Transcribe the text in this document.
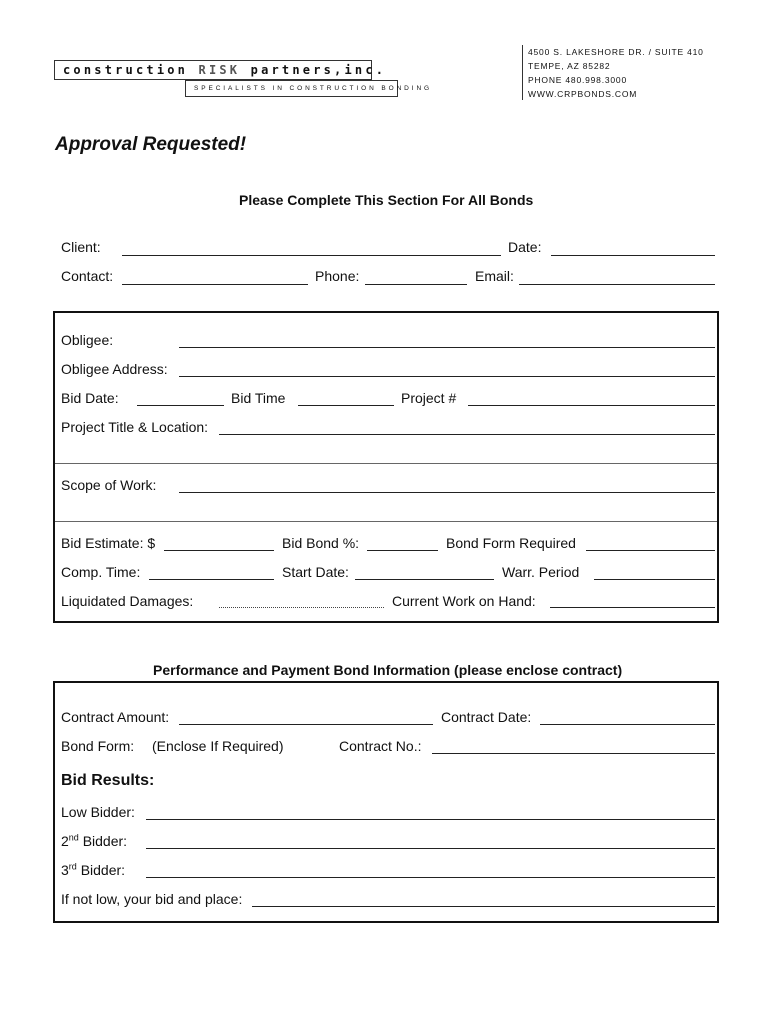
construction RISK partners,inc.
SPECIALISTS IN CONSTRUCTION BONDING
4500 S. LAKESHORE DR. / SUITE 410
TEMPE, AZ 85282
PHONE 480.998.3000
WWW.CRPBONDS.COM
Approval Requested!
Please Complete This Section For All Bonds
Client:	Date:
Contact:	Phone:	Email:
Obligee:
Obligee Address:
Bid Date:	Bid Time	Project #
Project Title & Location:
Scope of Work:
Bid Estimate: $	Bid Bond %:	Bond Form Required
Comp. Time:	Start Date:	Warr. Period
Liquidated Damages:	Current Work on Hand:
Performance and Payment Bond Information (please enclose contract)
Contract Amount:	Contract Date:
Bond Form: (Enclose If Required)	Contract No.:
Bid Results:
Low Bidder:
2nd Bidder:
3rd Bidder:
If not low, your bid and place:
